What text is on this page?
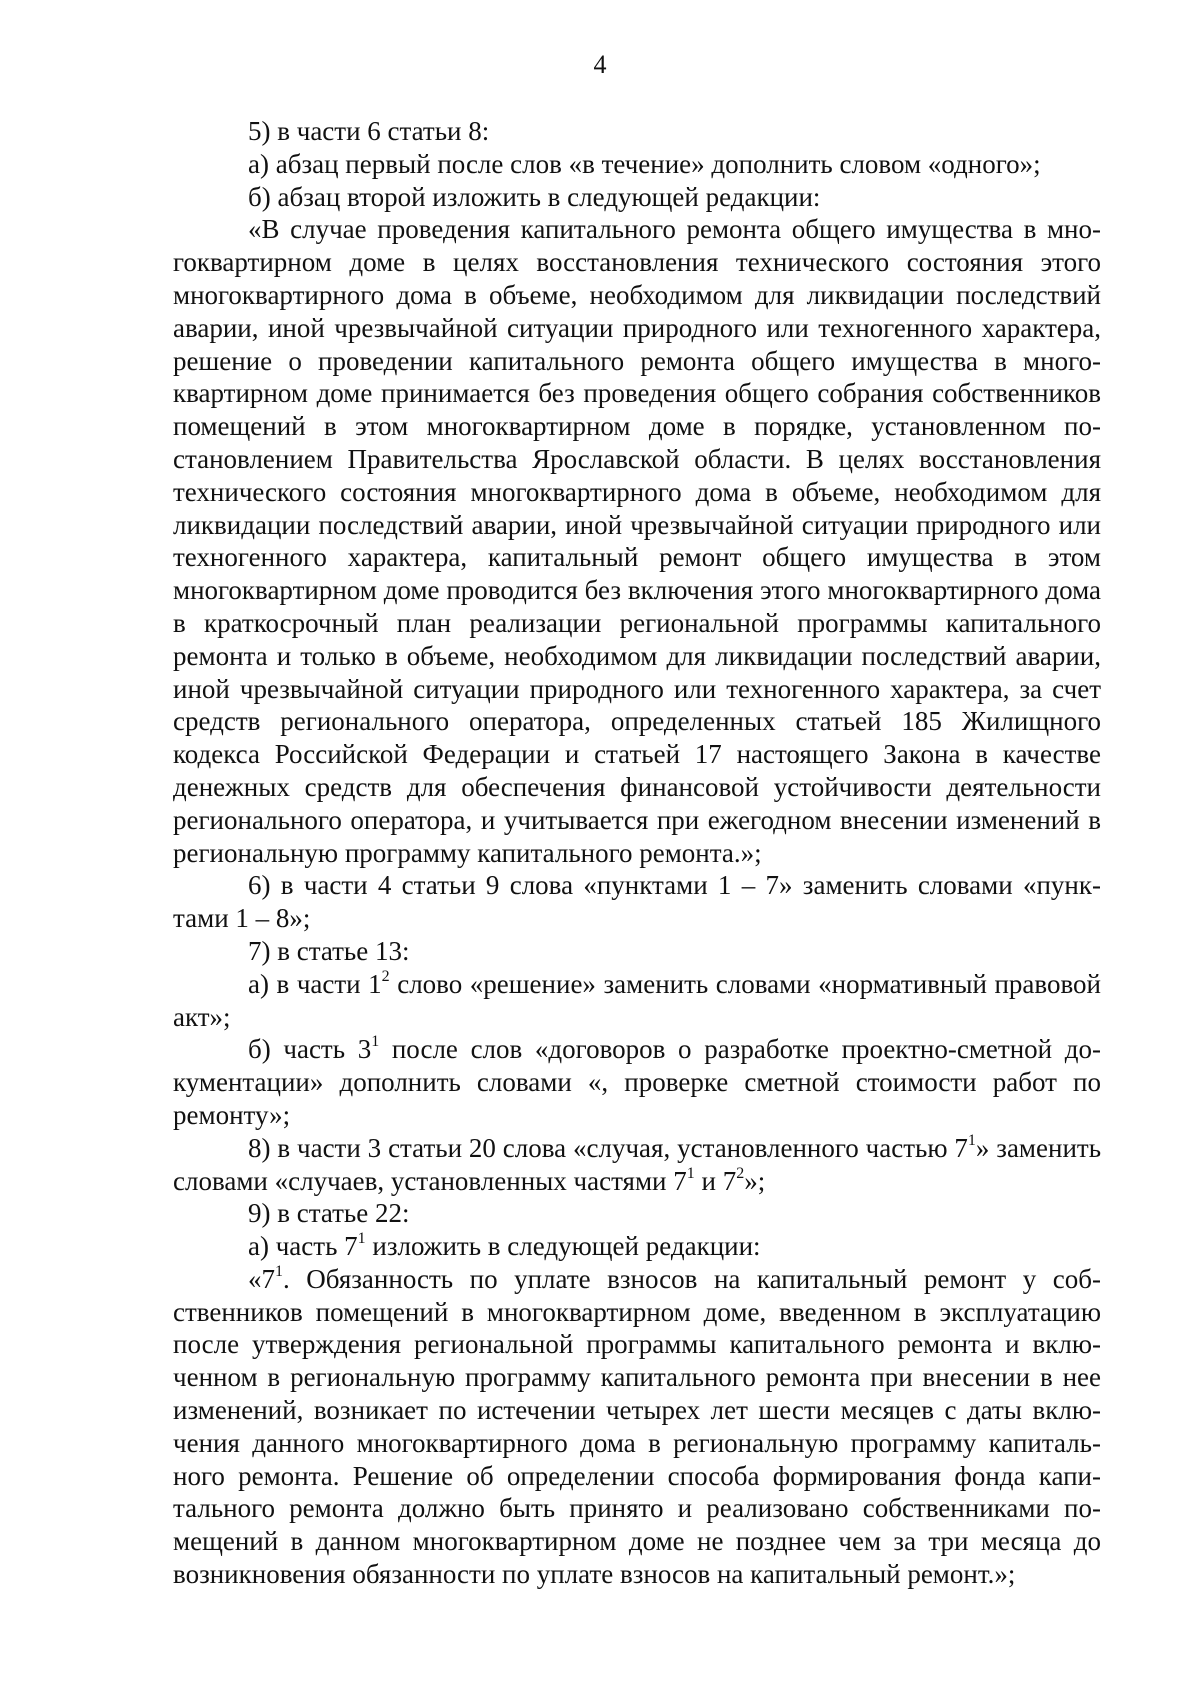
4

5) в части 6 статьи 8:

а) абзац первый после слов «в течение» дополнить словом «одного»;

б) абзац второй изложить в следующей редакции:

«В случае проведения капитального ремонта общего имущества в многоквартирном доме в целях восстановления технического состояния этого многоквартирного дома в объеме, необходимом для ликвидации последствий аварии, иной чрезвычайной ситуации природного или техногенного характера, решение о проведении капитального ремонта общего имущества в многоквартирном доме принимается без проведения общего собрания собственников помещений в этом многоквартирном доме в порядке, установленном постановлением Правительства Ярославской области. В целях восстановления технического состояния многоквартирного дома в объеме, необходимом для ликвидации последствий аварии, иной чрезвычайной ситуации природного или техногенного характера, капитальный ремонт общего имущества в этом многоквартирном доме проводится без включения этого многоквартирного дома в краткосрочный план реализации региональной программы капитального ремонта и только в объеме, необходимом для ликвидации последствий аварии, иной чрезвычайной ситуации природного или техногенного характера, за счет средств регионального оператора, определенных статьей 185 Жилищного кодекса Российской Федерации и статьей 17 настоящего Закона в качестве денежных средств для обеспечения финансовой устойчивости деятельности регионального оператора, и учитывается при ежегодном внесении изменений в региональную программу капитального ремонта.»;

6) в части 4 статьи 9 слова «пунктами 1 – 7» заменить словами «пунктами 1 – 8»;

7) в статье 13:

а) в части $1^2$ слово «решение» заменить словами «нормативный правовой акт»;

б) часть $3^1$ после слов «договоров о разработке проектно-сметной документации» дополнить словами «, проверке сметной стоимости работ по ремонту»;

8) в части 3 статьи 20 слова «случая, установленного частью $7^1$» заменить словами «случаев, установленных частями $7^1$ и $7^2$»;

9) в статье 22:

а) часть $7^1$ изложить в следующей редакции:

«$7^1$. Обязанность по уплате взносов на капитальный ремонт у собственников помещений в многоквартирном доме, введенном в эксплуатацию после утверждения региональной программы капитального ремонта и включенном в региональную программу капитального ремонта при внесении в нее изменений, возникает по истечении четырех лет шести месяцев с даты включения данного многоквартирного дома в региональную программу капитального ремонта. Решение об определении способа формирования фонда капитального ремонта должно быть принято и реализовано собственниками помещений в данном многоквартирном доме не позднее чем за три месяца до возникновения обязанности по уплате взносов на капитальный ремонт.»;
